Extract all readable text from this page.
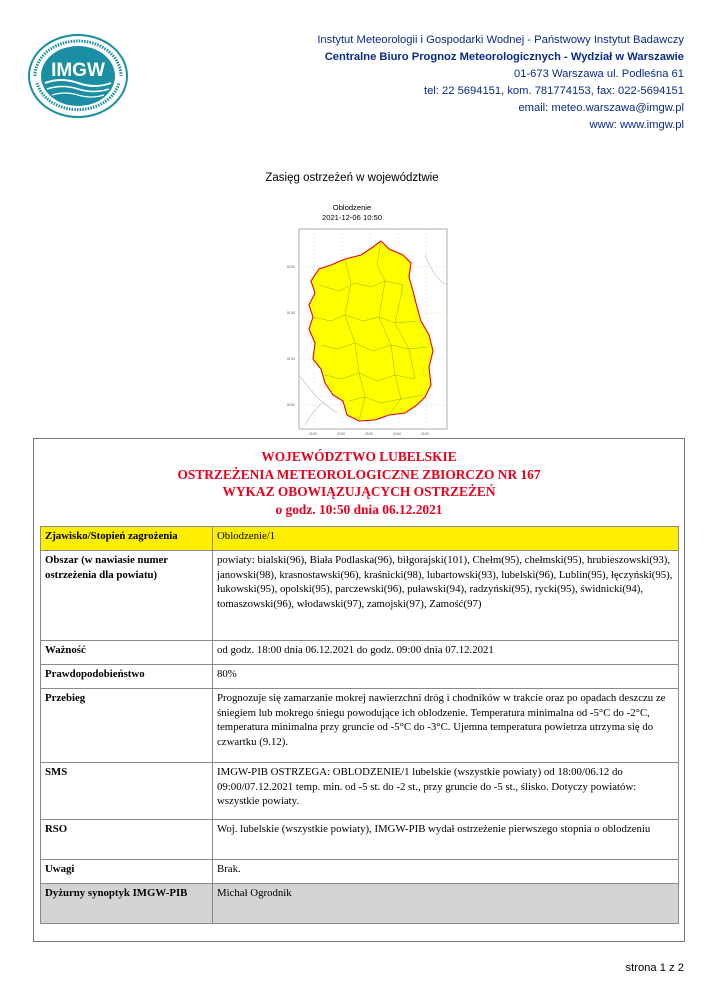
IMGW
Instytut Meteorologii i Gospodarki Wodnej - Państwowy Instytut Badawczy
Centralne Biuro Prognoz Meteorologicznych - Wydział w Warszawie
01-673 Warszawa ul. Podleśna 61
tel: 22 5694151, kom. 781774153, fax: 022-5694151
email: meteo.warszawa@imgw.pl
www: www.imgw.pl
Zasięg ostrzeżeń w województwie
Oblodzenie
2021-12-06 10:50
52.00
51.50
51.00
50.50
22.00	22.50	23.00	23.50	24.00
WOJEWÓDZTWO LUBELSKIE
OSTRZEŻENIA METEOROLOGICZNE ZBIORCZO NR 167
WYKAZ OBOWIĄZUJĄCYCH OSTRZEŻEŃ
o godz. 10:50 dnia 06.12.2021
Zjawisko/Stopień zagrożenia	Oblodzenie/1
Obszar (w nawiasie numer ostrzeżenia dla powiatu)	powiaty: bialski(96), Biała Podlaska(96), biłgorajski(101), Chełm(95), chełmski(95), hrubieszowski(93), janowski(98), krasnostawski(96), kraśnicki(98), lubartowski(93), lubelski(96), Lublin(95), łęczyński(95), łukowski(95), opolski(95), parczewski(96), puławski(94), radzyński(95), rycki(95), świdnicki(94), tomaszowski(96), włodawski(97), zamojski(97), Zamość(97)
Ważność	od godz. 18:00 dnia 06.12.2021 do godz. 09:00 dnia 07.12.2021
Prawdopodobieństwo	80%
Przebieg	Prognozuje się zamarzanie mokrej nawierzchni dróg i chodników w trakcie oraz po opadach deszczu ze śniegiem lub mokrego śniegu powodujące ich oblodzenie. Temperatura minimalna od -5°C do -2°C, temperatura minimalna przy gruncie od -5°C do -3°C. Ujemna temperatura powietrza utrzyma się do czwartku (9.12).
SMS	IMGW-PIB OSTRZEGA: OBLODZENIE/1 lubelskie (wszystkie powiaty) od 18:00/06.12 do 09:00/07.12.2021 temp. min. od -5 st. do -2 st., przy gruncie do -5 st., ślisko. Dotyczy powiatów: wszystkie powiaty.
RSO	Woj. lubelskie (wszystkie powiaty), IMGW-PIB wydał ostrzeżenie pierwszego stopnia o oblodzeniu
Uwagi	Brak.
Dyżurny synoptyk IMGW-PIB	Michał Ogrodnik
strona 1 z 2
